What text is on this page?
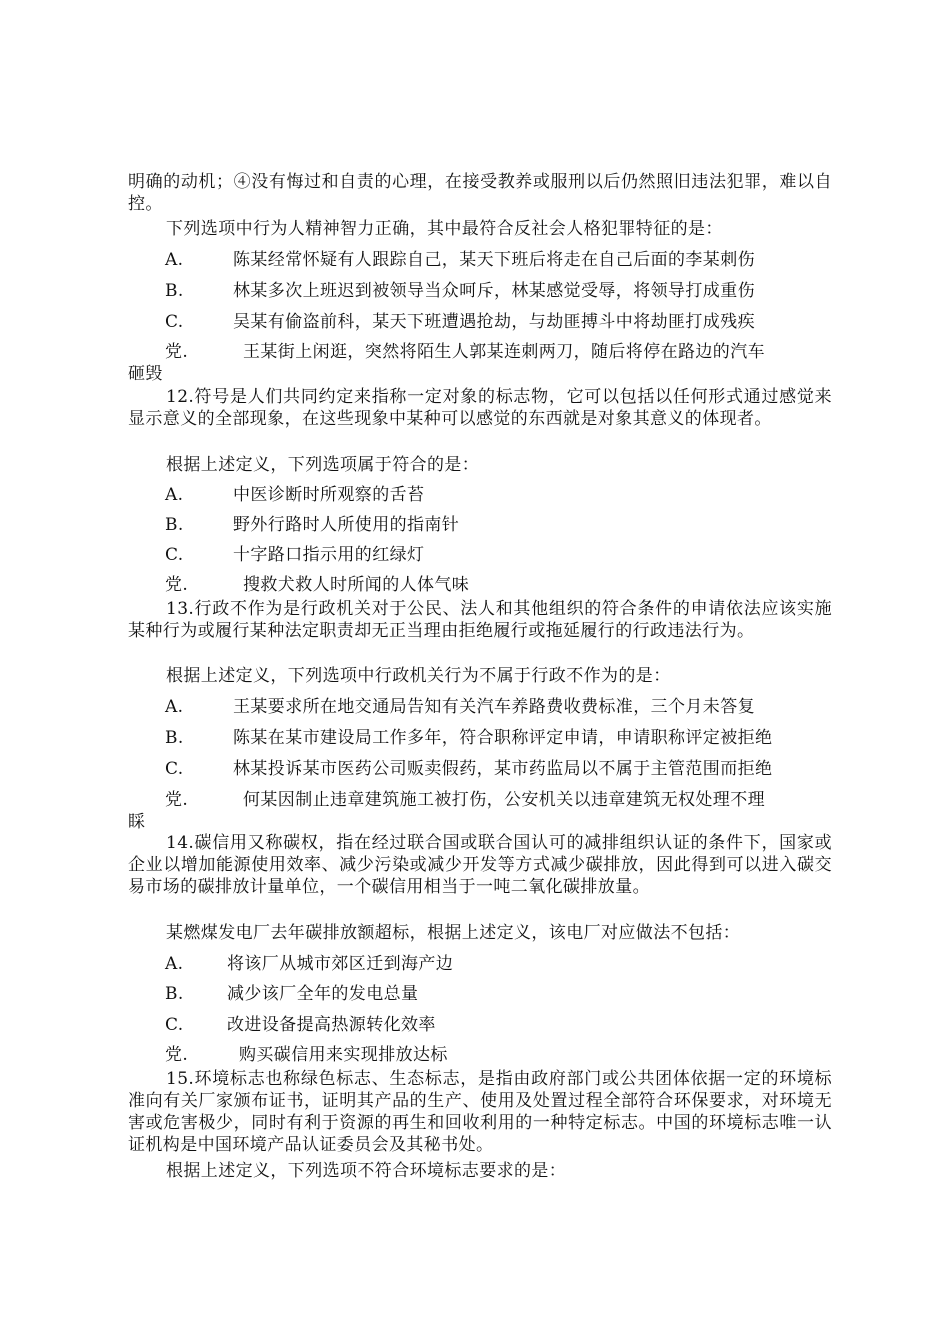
明确的动机；④没有悔过和自责的心理，在接受教养或服刑以后仍然照旧违法犯罪，难以自控。

下列选项中行为人精神智力正确，其中最符合反社会人格犯罪特征的是：

A.	陈某经常怀疑有人跟踪自己，某天下班后将走在自己后面的李某刺伤
B.	林某多次上班迟到被领导当众呵斥，林某感觉受辱，将领导打成重伤
C.	吴某有偷盗前科，某天下班遭遇抢劫，与劫匪搏斗中将劫匪打成残疾
党.	王某街上闲逛，突然将陌生人郭某连刺两刀，随后将停在路边的汽车
砸毁

12.符号是人们共同约定来指称一定对象的标志物，它可以包括以任何形式通过感觉来显示意义的全部现象，在这些现象中某种可以感觉的东西就是对象其意义的体现者。

根据上述定义，下列选项属于符合的是：

A.	中医诊断时所观察的舌苔
B.	野外行路时人所使用的指南针
C.	十字路口指示用的红绿灯
党.	搜救犬救人时所闻的人体气味

13.行政不作为是行政机关对于公民、法人和其他组织的符合条件的申请依法应该实施某种行为或履行某种法定职责却无正当理由拒绝履行或拖延履行的行政违法行为。

根据上述定义，下列选项中行政机关行为不属于行政不作为的是：

A.	王某要求所在地交通局告知有关汽车养路费收费标准，三个月未答复
B.	陈某在某市建设局工作多年，符合职称评定申请，申请职称评定被拒绝
C.	林某投诉某市医药公司贩卖假药，某市药监局以不属于主管范围而拒绝
党.	何某因制止违章建筑施工被打伤，公安机关以违章建筑无权处理不理
睬

14.碳信用又称碳权，指在经过联合国或联合国认可的减排组织认证的条件下，国家或企业以增加能源使用效率、减少污染或减少开发等方式减少碳排放，因此得到可以进入碳交易市场的碳排放计量单位，一个碳信用相当于一吨二氧化碳排放量。

某燃煤发电厂去年碳排放额超标，根据上述定义，该电厂对应做法不包括：

A.	将该厂从城市郊区迁到海产边
B.	减少该厂全年的发电总量
C.	改进设备提高热源转化效率
党.	购买碳信用来实现排放达标

15.环境标志也称绿色标志、生态标志，是指由政府部门或公共团体依据一定的环境标准向有关厂家颁布证书，证明其产品的生产、使用及处置过程全部符合环保要求，对环境无害或危害极少，同时有利于资源的再生和回收利用的一种特定标志。中国的环境标志唯一认证机构是中国环境产品认证委员会及其秘书处。

根据上述定义，下列选项不符合环境标志要求的是：
